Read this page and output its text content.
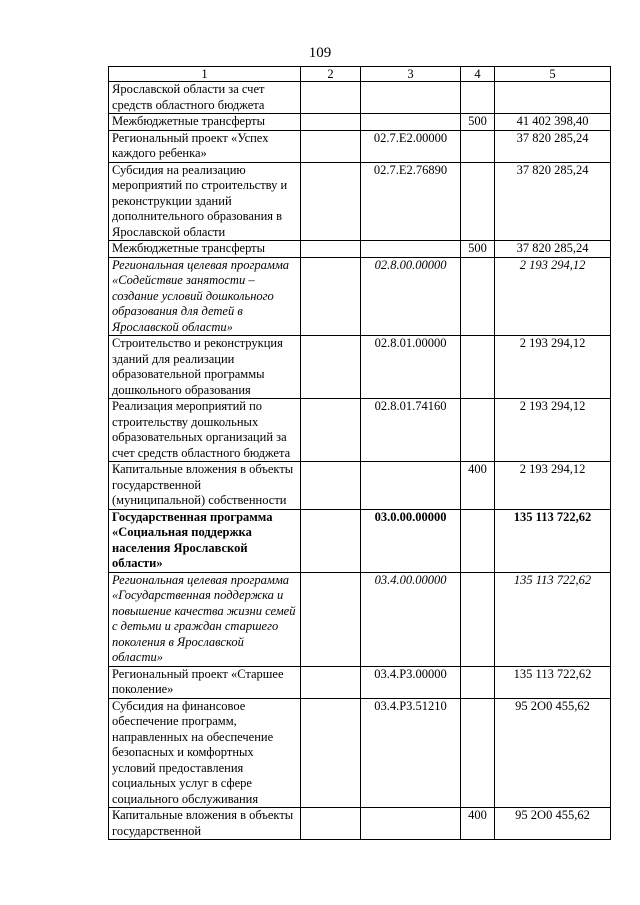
109
1	2	3	4	5
Ярославской области за счет средств областного бюджета				
Межбюджетные трансферты			500	41 402 398,40
Региональный проект «Успех каждого ребенка»		02.7.Е2.00000		37 820 285,24
Субсидия на реализацию мероприятий по строительству и реконструкции зданий дополнительного образования в Ярославской области		02.7.Е2.76890		37 820 285,24
Межбюджетные трансферты			500	37 820 285,24
Региональная целевая программа «Содействие занятости – создание условий дошкольного образования для детей в Ярославской области»		02.8.00.00000		2 193 294,12
Строительство и реконструкция зданий для реализации образовательной программы дошкольного образования		02.8.01.00000		2 193 294,12
Реализация мероприятий по строительству дошкольных образовательных организаций за счет средств областного бюджета		02.8.01.74160		2 193 294,12
Капитальные вложения в объекты государственной (муниципальной) собственности			400	2 193 294,12
Государственная программа «Социальная поддержка населения Ярославской области»		03.0.00.00000		135 113 722,62
Региональная целевая программа «Государственная поддержка и повышение качества жизни семей с детьми и граждан старшего поколения в Ярославской области»		03.4.00.00000		135 113 722,62
Региональный проект «Старшее поколение»		03.4.Р3.00000		135 113 722,62
Субсидия на финансовое обеспечение программ, направленных на обеспечение безопасных и комфортных условий предоставления социальных услуг в сфере социального обслуживания		03.4.Р3.51210		95 2О0 455,62
Капитальные вложения в объекты государственной			400	95 2О0 455,62
